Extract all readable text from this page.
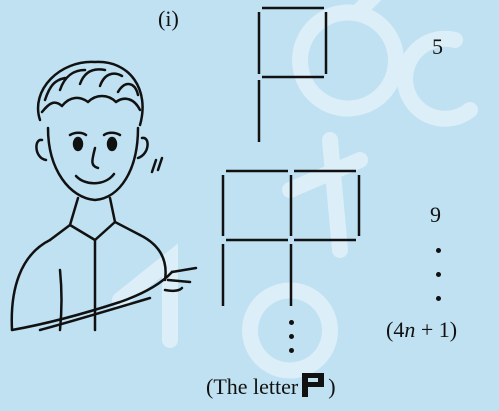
(i)
5
9
(4n + 1)
(The letter )
